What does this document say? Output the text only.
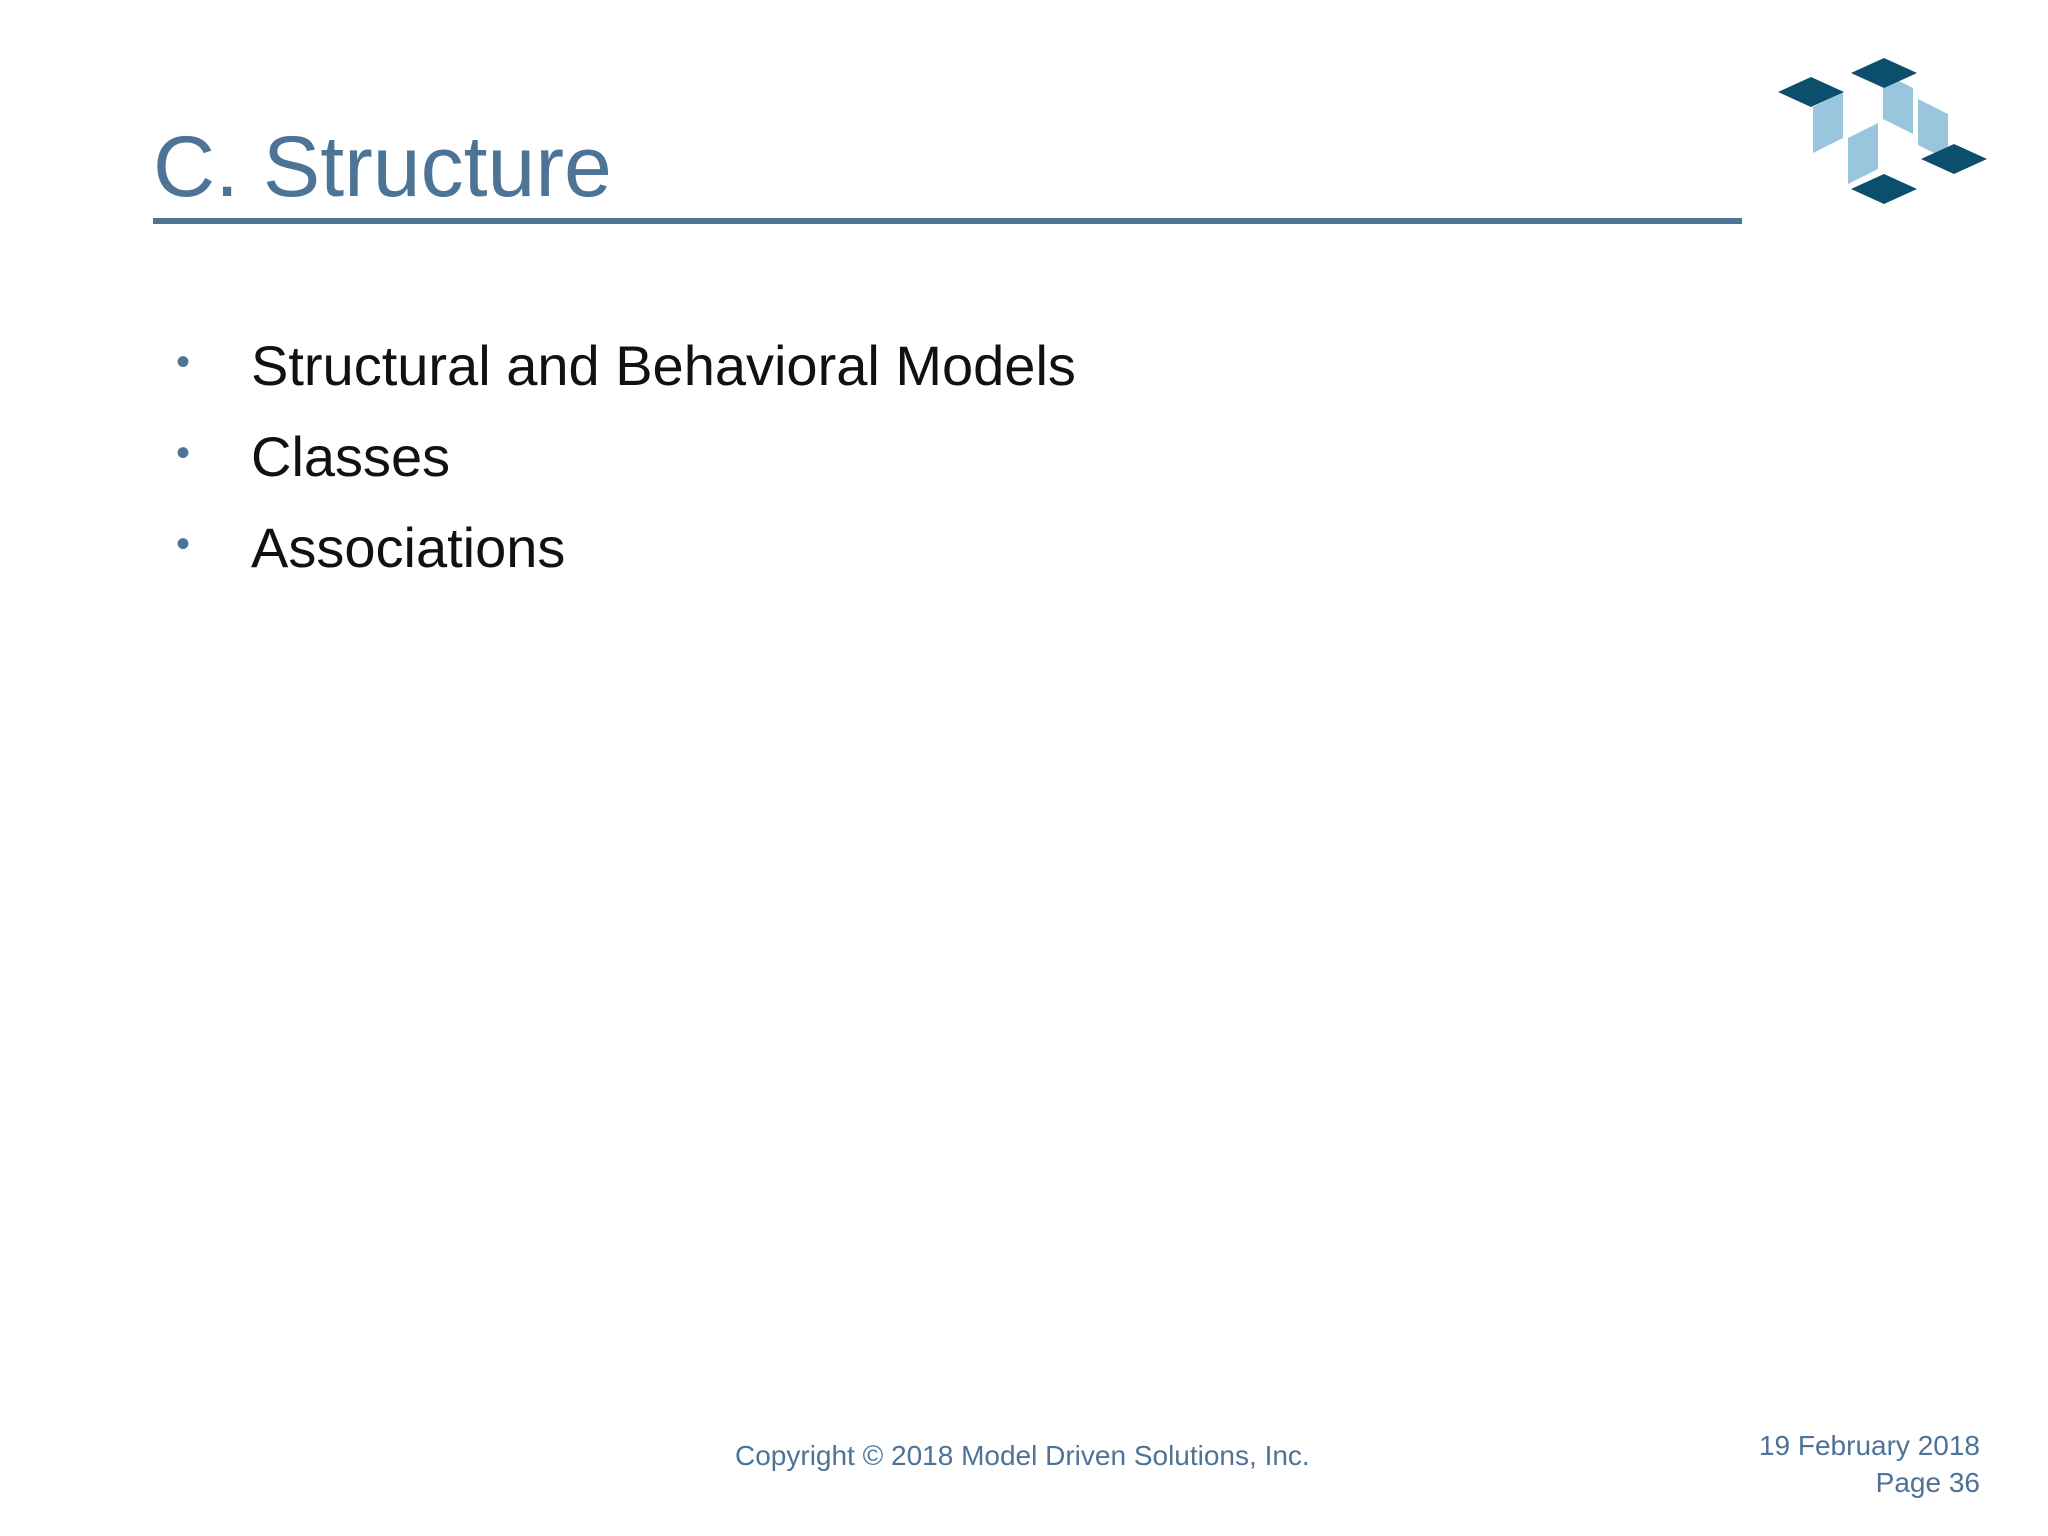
C. Structure
• Structural and Behavioral Models
• Classes
• Associations
Copyright © 2018 Model Driven Solutions, Inc.	19 February 2018
Page 36
